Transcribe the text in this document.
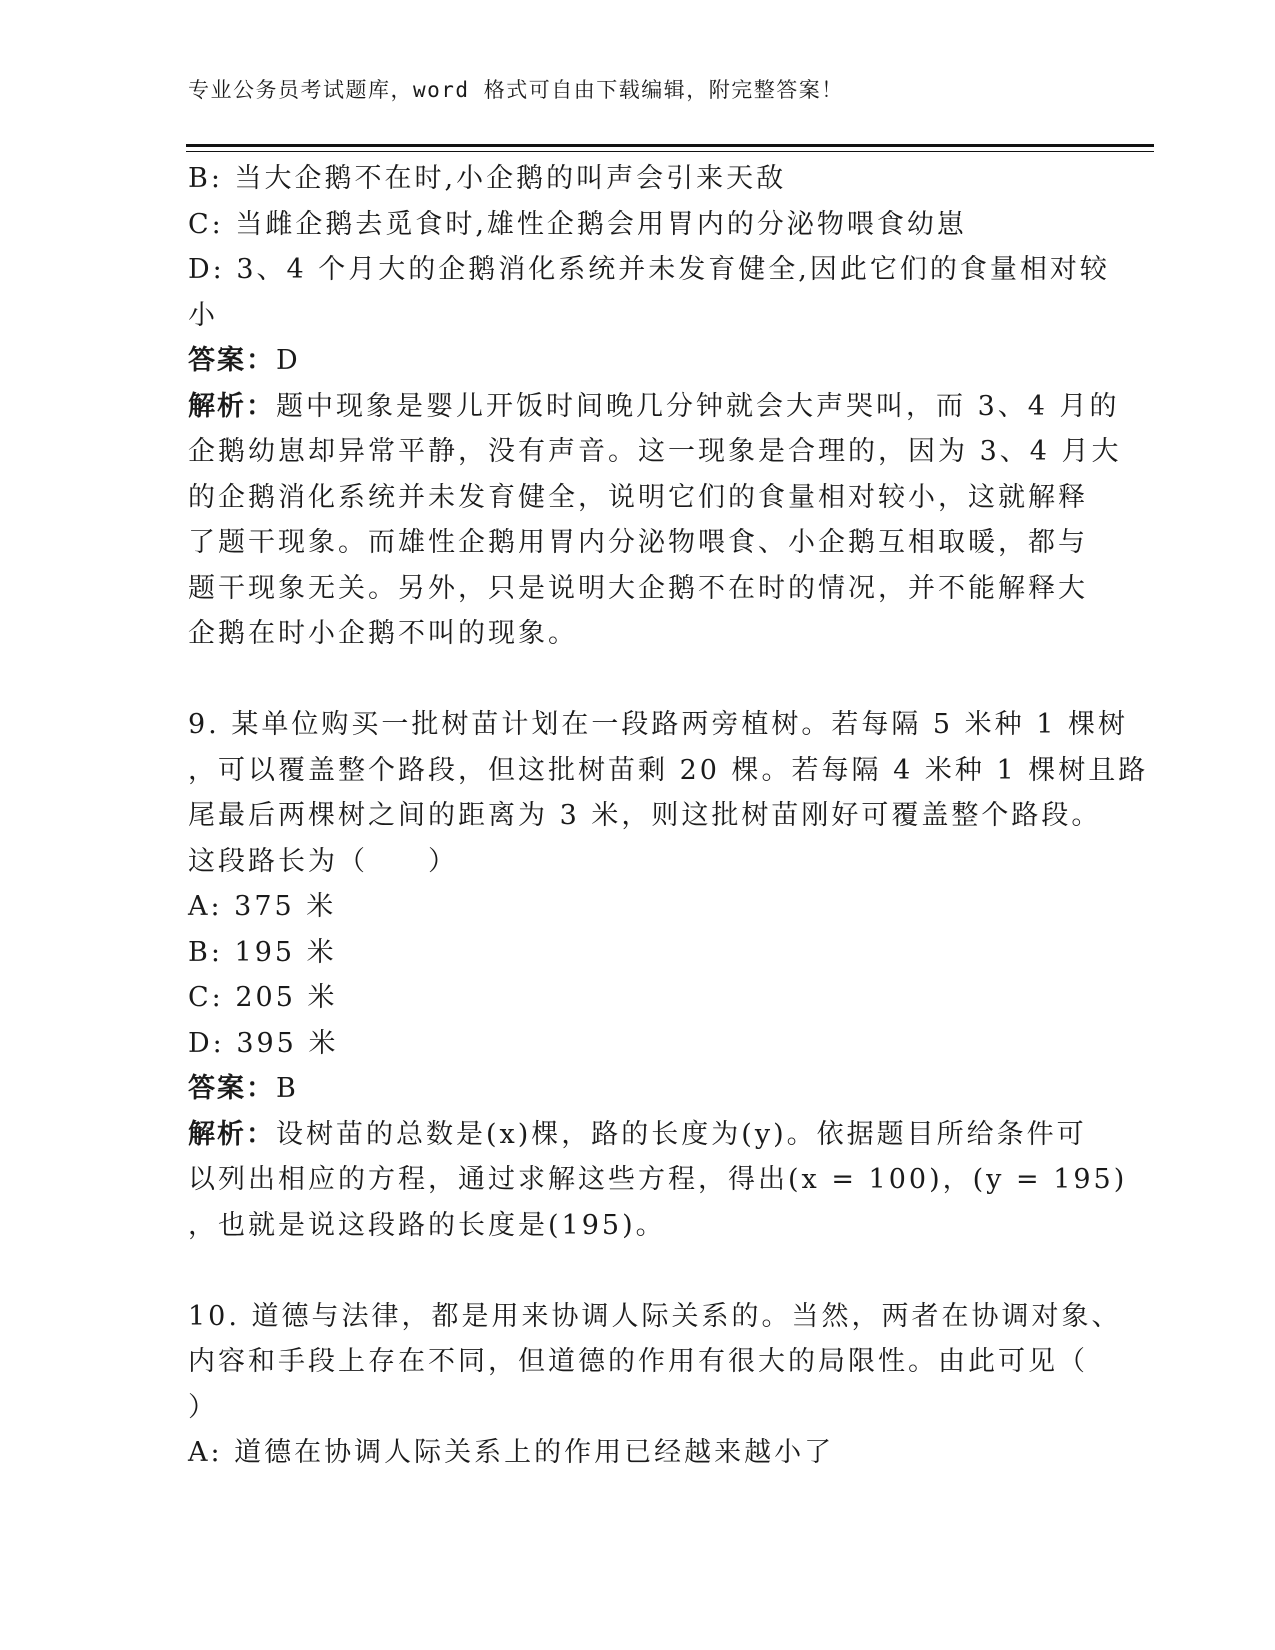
专业公务员考试题库，word 格式可自由下载编辑，附完整答案！
B: 当大企鹅不在时,小企鹅的叫声会引来天敌
C: 当雌企鹅去觅食时,雄性企鹅会用胃内的分泌物喂食幼崽
D: 3、4 个月大的企鹅消化系统并未发育健全,因此它们的食量相对较
小
答案：D
解析：题中现象是婴儿开饭时间晚几分钟就会大声哭叫，而 3、4 月的
企鹅幼崽却异常平静，没有声音。这一现象是合理的，因为 3、4 月大
的企鹅消化系统并未发育健全，说明它们的食量相对较小，这就解释
了题干现象。而雄性企鹅用胃内分泌物喂食、小企鹅互相取暖，都与
题干现象无关。另外，只是说明大企鹅不在时的情况，并不能解释大
企鹅在时小企鹅不叫的现象。
9. 某单位购买一批树苗计划在一段路两旁植树。若每隔 5 米种 1 棵树
，可以覆盖整个路段，但这批树苗剩 20 棵。若每隔 4 米种 1 棵树且路
尾最后两棵树之间的距离为 3 米，则这批树苗刚好可覆盖整个路段。
这段路长为（　　）
A: 375 米
B: 195 米
C: 205 米
D: 395 米
答案：B
解析：设树苗的总数是(x)棵，路的长度为(y)。依据题目所给条件可
以列出相应的方程，通过求解这些方程，得出(x = 100)，(y = 195)
，也就是说这段路的长度是(195)。
10. 道德与法律，都是用来协调人际关系的。当然，两者在协调对象、
内容和手段上存在不同，但道德的作用有很大的局限性。由此可见（
）
A: 道德在协调人际关系上的作用已经越来越小了
